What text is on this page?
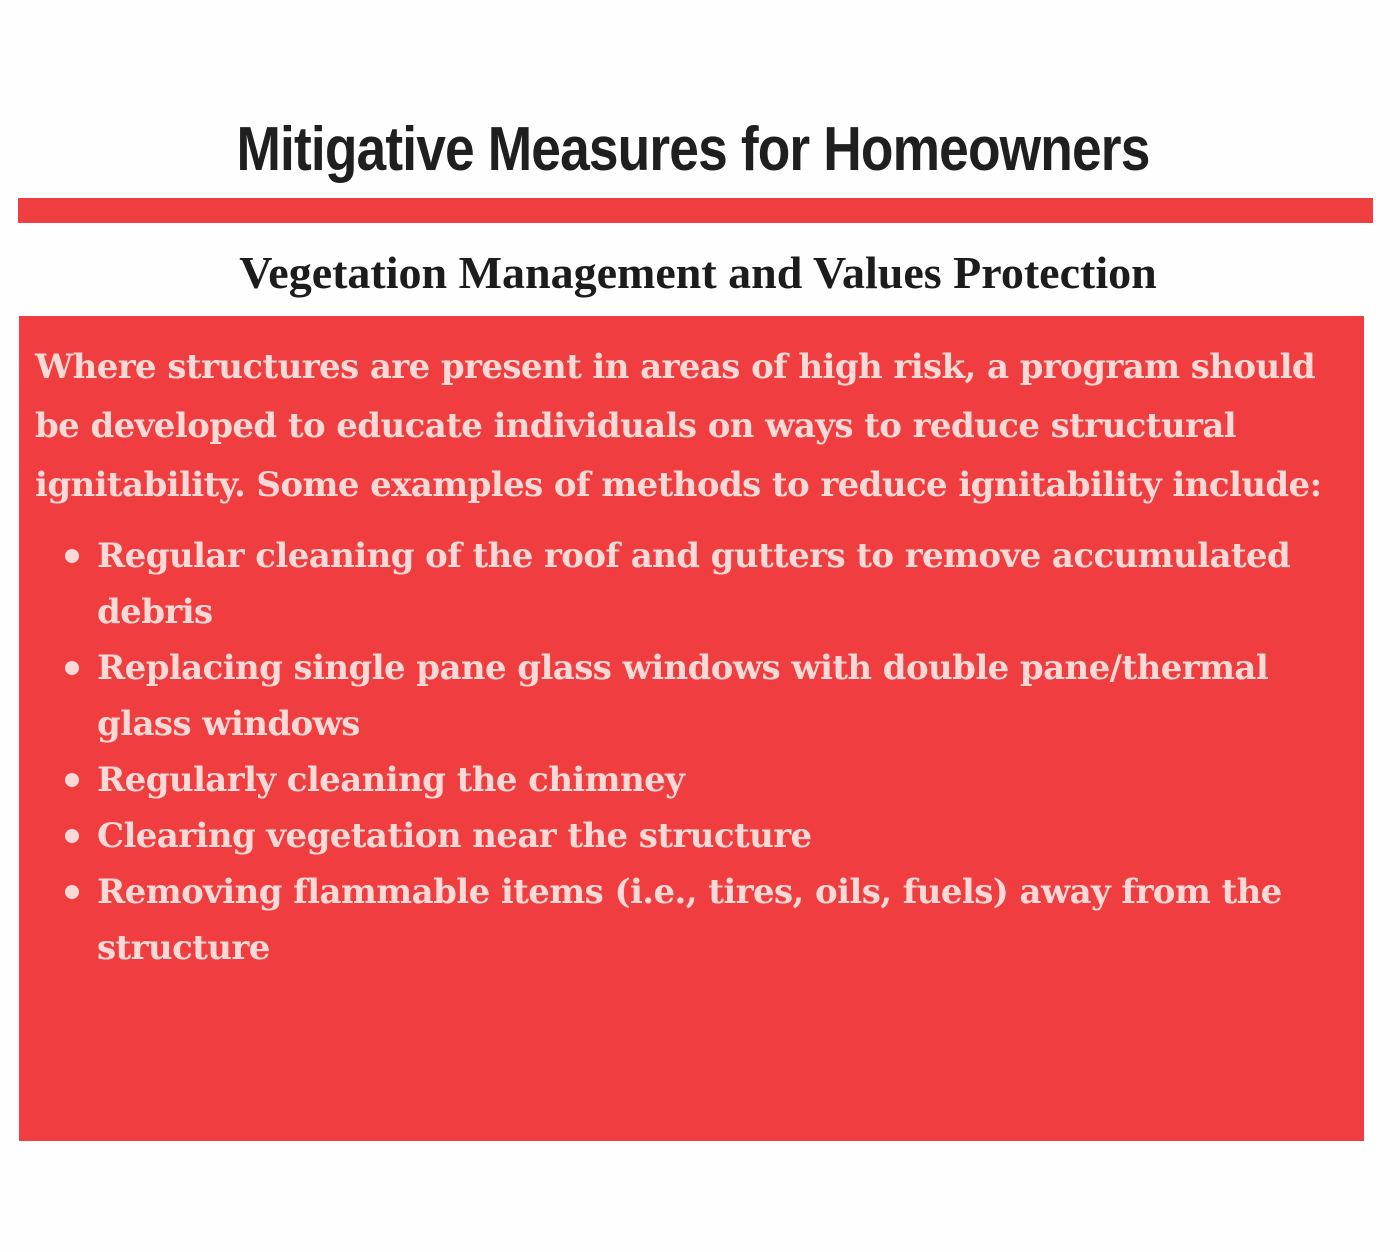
Mitigative Measures for Homeowners
Vegetation Management and Values Protection

Where structures are present in areas of high risk, a program should be developed to educate individuals on ways to reduce structural ignitability. Some examples of methods to reduce ignitability include:

Regular cleaning of the roof and gutters to remove accumulated debris
Replacing single pane glass windows with double pane/thermal glass windows
Regularly cleaning the chimney
Clearing vegetation near the structure
Removing flammable items (i.e., tires, oils, fuels) away from the structure
